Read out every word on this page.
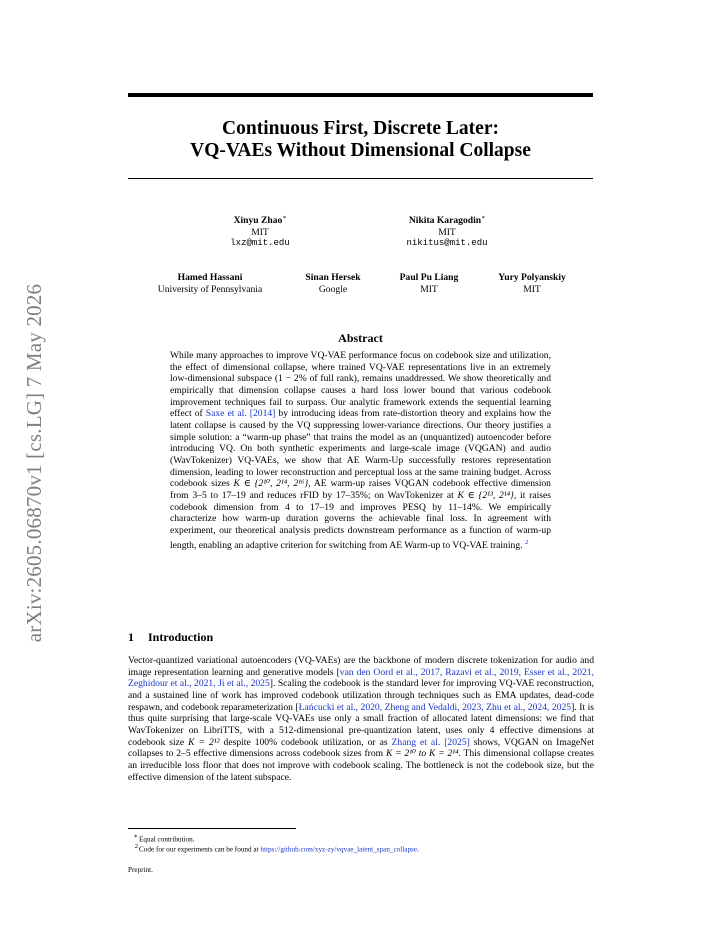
arXiv:2605.06870v1 [cs.LG] 7 May 2026
Continuous First, Discrete Later:
VQ-VAEs Without Dimensional Collapse
Xinyu Zhao∗
MIT
lxz@mit.edu
Nikita Karagodin∗
MIT
nikitus@mit.edu
Hamed Hassani
University of Pennsylvania
Sinan Hersek
Google
Paul Pu Liang
MIT
Yury Polyanskiy
MIT
Abstract

While many approaches to improve VQ-VAE performance focus on codebook size and utilization, the effect of dimensional collapse, where trained VQ-VAE representations live in an extremely low-dimensional subspace (1 − 2% of full rank), remains unaddressed. We show theoretically and empirically that dimension collapse causes a hard loss lower bound that various codebook improvement techniques fail to surpass. Our analytic framework extends the sequential learning effect of Saxe et al. [2014] by introducing ideas from rate-distortion theory and explains how the latent collapse is caused by the VQ suppressing lower-variance directions. Our theory justifies a simple solution: a “warm-up phase” that trains the model as an (unquantized) autoencoder before introducing VQ. On both synthetic experiments and large-scale image (VQGAN) and audio (WavTokenizer) VQ-VAEs, we show that AE Warm-Up successfully restores representation dimension, leading to lower reconstruction and perceptual loss at the same training budget. Across codebook sizes K ∈ {2¹⁰, 2¹⁴, 2¹⁶}, AE warm-up raises VQGAN codebook effective dimension from 3–5 to 17–19 and reduces rFID by 17–35%; on WavTokenizer at K ∈ {2¹³, 2¹⁴}, it raises codebook dimension from 4 to 17–19 and improves PESQ by 11–14%. We empirically characterize how warm-up duration governs the achievable final loss. In agreement with experiment, our theoretical analysis predicts downstream performance as a function of warm-up length, enabling an adaptive criterion for switching from AE Warm-up to VQ-VAE training. $^2$

1 Introduction

Vector-quantized variational autoencoders (VQ-VAEs) are the backbone of modern discrete tokenization for audio and image representation learning and generative models [van den Oord et al., 2017, Razavi et al., 2019, Esser et al., 2021, Zeghidour et al., 2021, Ji et al., 2025]. Scaling the codebook is the standard lever for improving VQ-VAE reconstruction, and a sustained line of work has improved codebook utilization through techniques such as EMA updates, dead-code respawn, and codebook reparameterization [Łańcucki et al., 2020, Zheng and Vedaldi, 2023, Zhu et al., 2024, 2025]. It is thus quite surprising that large-scale VQ-VAEs use only a small fraction of allocated latent dimensions: we find that WavTokenizer on LibriTTS, with a 512-dimensional pre-quantization latent, uses only 4 effective dimensions at codebook size K = 2¹² despite 100% codebook utilization, or as Zhang et al. [2025] shows, VQGAN on ImageNet collapses to 2–5 effective dimensions across codebook sizes from K = 2¹⁰ to K = 2¹⁴. This dimensional collapse creates an irreducible loss floor that does not improve with codebook scaling. The bottleneck is not the codebook size, but the effective dimension of the latent subspace.

∗Equal contribution.
$^2$Code for our experiments can be found at https://github.com/xyz-zy/vqvae_latent_span_collapse.
Preprint.
